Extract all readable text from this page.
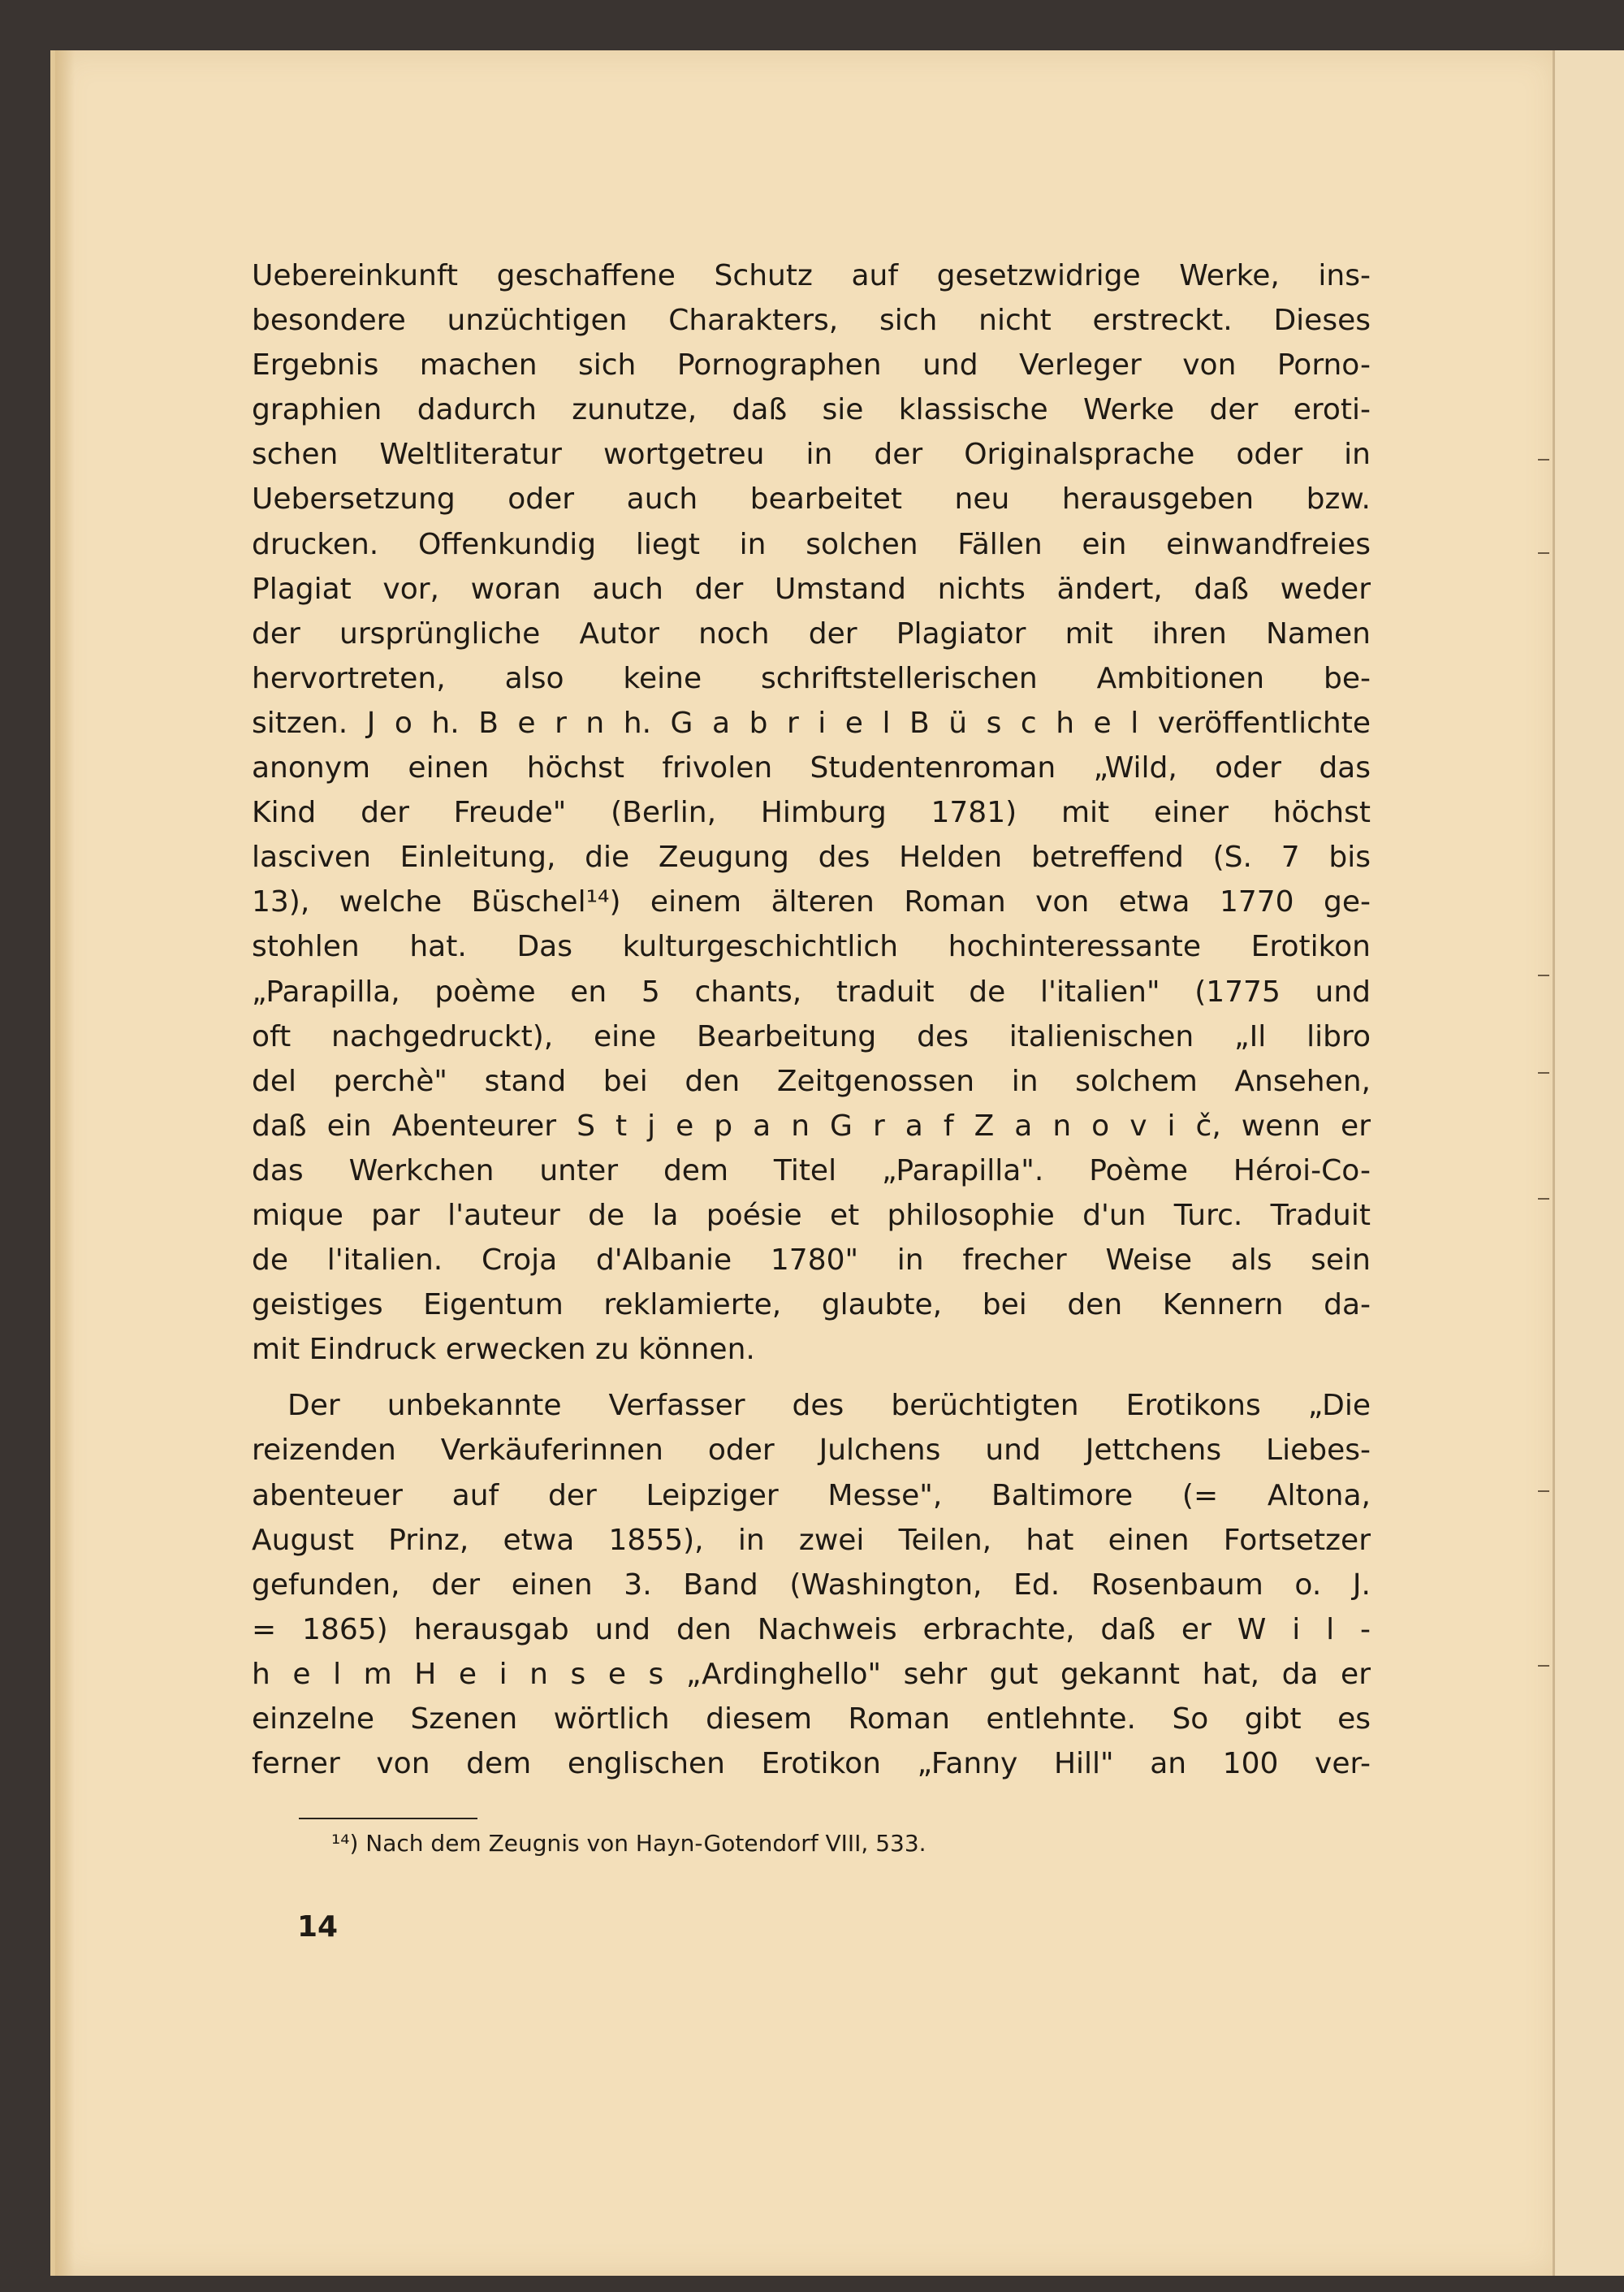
Uebereinkunft geschaffene Schutz auf gesetzwidrige Werke, ins-
besondere unzüchtigen Charakters, sich nicht erstreckt. Dieses
Ergebnis machen sich Pornographen und Verleger von Porno-
graphien dadurch zunutze, daß sie klassische Werke der eroti-
schen Weltliteratur wortgetreu in der Originalsprache oder in
Uebersetzung oder auch bearbeitet neu herausgeben bzw.
drucken. Offenkundig liegt in solchen Fällen ein einwandfreies
Plagiat vor, woran auch der Umstand nichts ändert, daß weder
der ursprüngliche Autor noch der Plagiator mit ihren Namen
hervortreten, also keine schriftstellerischen Ambitionen be-
sitzen. J o h. B e r n h. G a b r i e l B ü s c h e l veröffentlichte
anonym einen höchst frivolen Studentenroman „Wild, oder das
Kind der Freude" (Berlin, Himburg 1781) mit einer höchst
lasciven Einleitung, die Zeugung des Helden betreffend (S. 7 bis
13), welche Büschel¹⁴) einem älteren Roman von etwa 1770 ge-
stohlen hat. Das kulturgeschichtlich hochinteressante Erotikon
„Parapilla, poème en 5 chants, traduit de l'italien" (1775 und
oft nachgedruckt), eine Bearbeitung des italienischen „Il libro
del perchè" stand bei den Zeitgenossen in solchem Ansehen,
daß ein Abenteurer S t j e p a n G r a f Z a n o v i č, wenn er
das Werkchen unter dem Titel „Parapilla". Poème Héroi-Co-
mique par l'auteur de la poésie et philosophie d'un Turc. Traduit
de l'italien. Croja d'Albanie 1780" in frecher Weise als sein
geistiges Eigentum reklamierte, glaubte, bei den Kennern da-
mit Eindruck erwecken zu können.
Der unbekannte Verfasser des berüchtigten Erotikons „Die
reizenden Verkäuferinnen oder Julchens und Jettchens Liebes-
abenteuer auf der Leipziger Messe", Baltimore (= Altona,
August Prinz, etwa 1855), in zwei Teilen, hat einen Fortsetzer
gefunden, der einen 3. Band (Washington, Ed. Rosenbaum o. J.
= 1865) herausgab und den Nachweis erbrachte, daß er W i l -
h e l m H e i n s e s „Ardinghello" sehr gut gekannt hat, da er
einzelne Szenen wörtlich diesem Roman entlehnte. So gibt es
ferner von dem englischen Erotikon „Fanny Hill" an 100 ver-
¹⁴) Nach dem Zeugnis von Hayn-Gotendorf VIII, 533.
14
